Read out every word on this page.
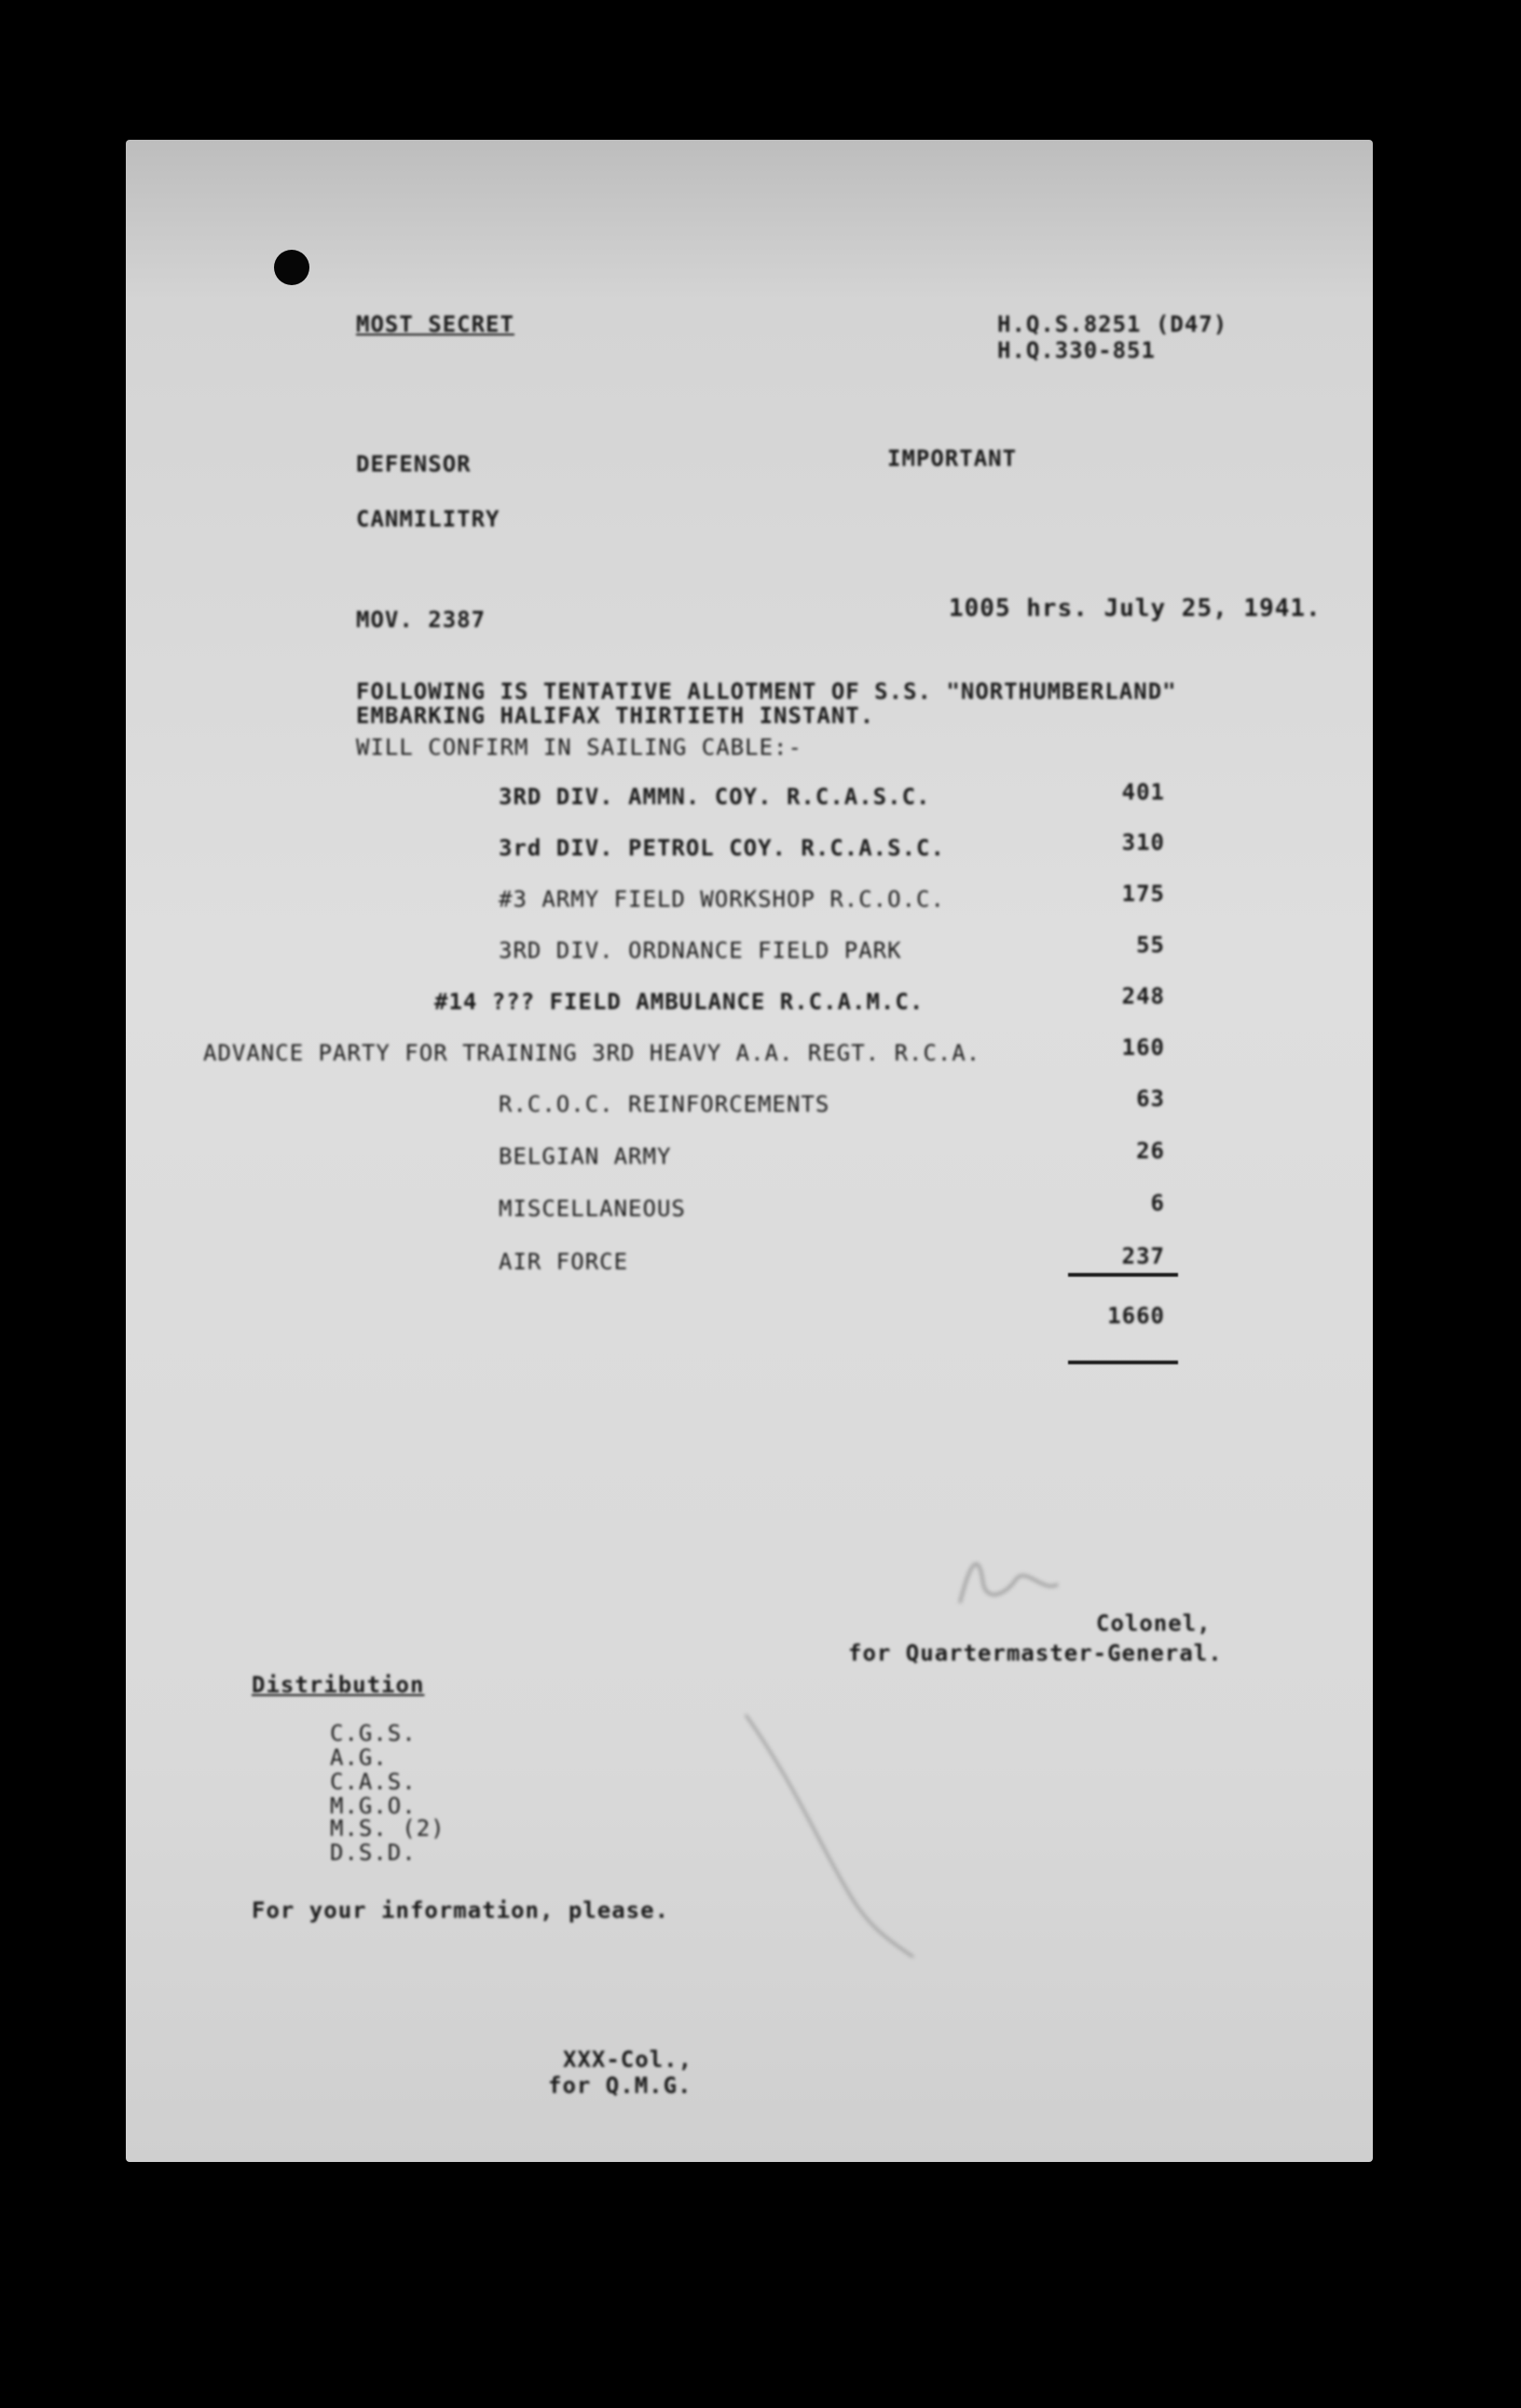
MOST SECRET	H.Q.S.8251 (D47)
H.Q.330-851
DEFENSOR	IMPORTANT
CANMILITRY
MOV. 2387	1005 hrs. July 25, 1941.
FOLLOWING IS TENTATIVE ALLOTMENT OF S.S. "NORTHUMBERLAND"
EMBARKING HALIFAX THIRTIETH INSTANT.
WILL CONFIRM IN SAILING CABLE:-
3RD DIV. AMMN. COY. R.C.A.S.C.	401
3rd DIV. PETROL COY. R.C.A.S.C.	310
#3 ARMY FIELD WORKSHOP R.C.O.C.	175
3RD DIV. ORDNANCE FIELD PARK	55
#14 ??? FIELD AMBULANCE R.C.A.M.C.	248
ADVANCE PARTY FOR TRAINING 3RD HEAVY A.A. REGT. R.C.A.	160
R.C.O.C. REINFORCEMENTS	63
BELGIAN ARMY	26
MISCELLANEOUS	6
AIR FORCE	237
1660
Colonel,
for Quartermaster-General.
Distribution
C.G.S.
A.G.
C.A.S.
M.G.O.
M.S. (2)
D.S.D.
For your information, please.
XXX-Col.,
for Q.M.G.
